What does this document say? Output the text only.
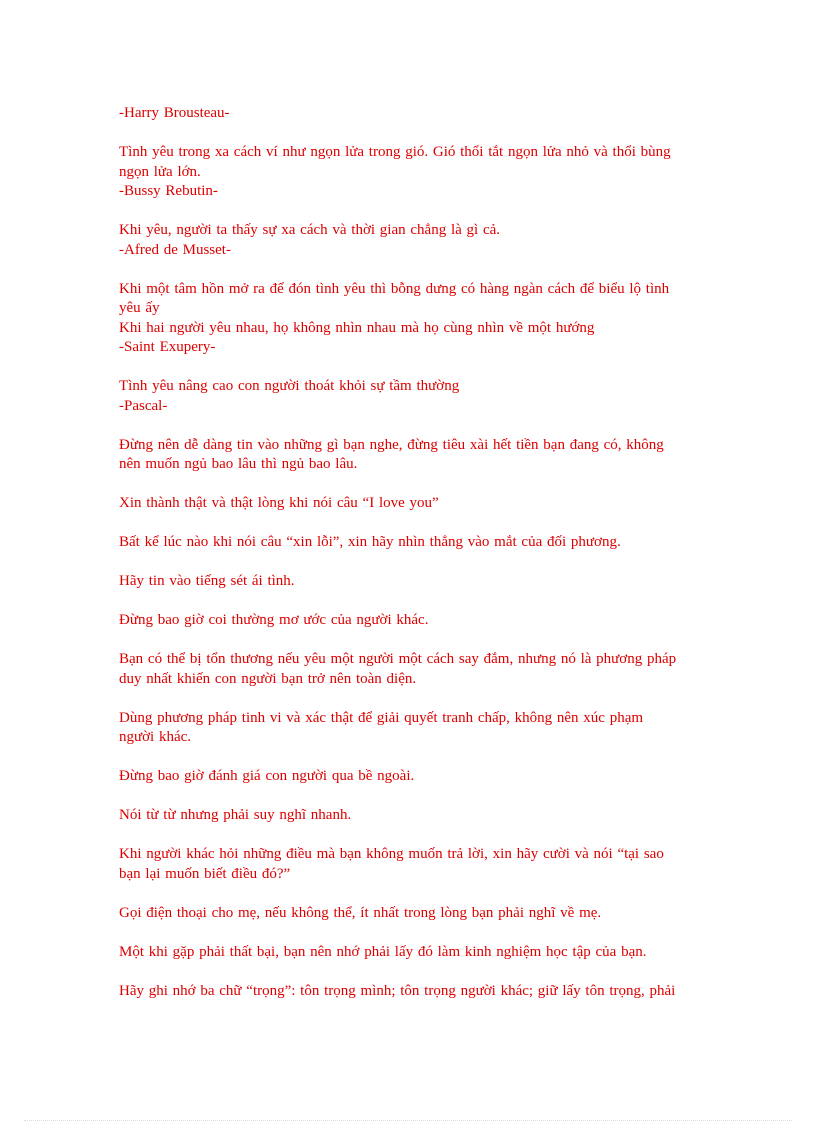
-Harry Brousteau-
Tình yêu trong xa cách ví như ngọn lửa trong gió. Gió thổi tắt ngọn lửa nhỏ và thổi bùng
ngọn lửa lớn.
-Bussy Rebutin-
Khi yêu, người ta thấy sự xa cách và thời gian chẳng là gì cả.
-Afred de Musset-
Khi một tâm hồn mở ra để đón tình yêu thì bỗng dưng có hàng ngàn cách để biểu lộ tình
yêu ấy
Khi hai người yêu nhau, họ không nhìn nhau mà họ cùng nhìn về một hướng
-Saint Exupery-
Tình yêu nâng cao con người thoát khỏi sự tầm thường
-Pascal-
Đừng nên dễ dàng tin vào những gì bạn nghe, đừng tiêu xài hết tiền bạn đang có, không
nên muốn ngủ bao lâu thì ngủ bao lâu.
Xin thành thật và thật lòng khi nói câu “I love you”
Bất kể lúc nào khi nói câu “xin lỗi”, xin hãy nhìn thẳng vào mắt của đối phương.
Hãy tin vào tiếng sét ái tình.
Đừng bao giờ coi thường mơ ước của người khác.
Bạn có thể bị tổn thương nếu yêu một người một cách say đắm, nhưng nó là phương pháp
duy nhất khiến con người bạn trở nên toàn diện.
Dùng phương pháp tinh vi và xác thật để giải quyết tranh chấp, không nên xúc phạm
người khác.
Đừng bao giờ đánh giá con người qua bề ngoài.
Nói từ từ nhưng phải suy nghĩ nhanh.
Khi người khác hỏi những điều mà bạn không muốn trả lời, xin hãy cười và nói “tại sao
bạn lại muốn biết điều đó?”
Gọi điện thoại cho mẹ, nếu không thể, ít nhất trong lòng bạn phải nghĩ về mẹ.
Một khi gặp phải thất bại, bạn nên nhớ phải lấy đó làm kinh nghiệm học tập của bạn.
Hãy ghi nhớ ba chữ “trọng”: tôn trọng mình; tôn trọng người khác; giữ lấy tôn trọng, phải
